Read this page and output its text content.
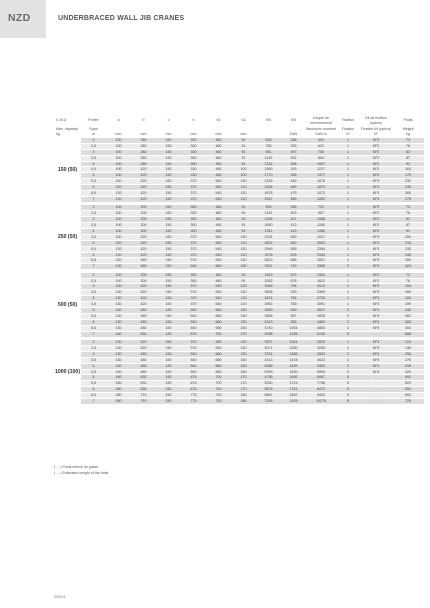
NZD	UNDERBRACED WALL JIB CRANES
C.M.U	Portée	a	b	c	h	h1	h2	KN	KN	Couple de renversement	Fixation	Kit de fixation (option)	Poids
Max. capacity	Span									Maximum moment	Fixation	Fixation kit (option)	Weight
kg	m	mm	mm	mm	mm	mm	mm		DaN	DaN.m	N°	N°	kg
150 (50)	2	100	280	150	300	460	91	616	288	491	1	KF2	73
	2,5	100	280	150	300	460	91	785	293	621	1	KF2	76
	3	100	280	150	300	460	91	951	297	750	1	KF2	82
	3,5	100	280	150	300	460	91	1143	302	894	1	KF2	87
	4	100	280	150	300	460	91	1332	306	1037	1	KF2	91
	4,5	100	420	150	330	460	100	1569	318	1217	1	KF2	163
	5	100	420	150	330	460	100	1770	306	1377	1	KF2	170
	5,5	120	420	150	370	540	120	2153	445	1675	1	KF3	230
	6	120	420	150	370	540	120	2408	469	1873	1	KF3	245
	6,5	120	420	150	370	540	120	2675	475	2072	1	KF3	260
	7	120	420	150	370	540	120	2947	489	2282	1	KF3	275

250 (50)	2	100	300	150	300	460	91	905	396	722	1	KF2	73
	2,5	100	300	150	300	460	91	1142	403	907	1	KF2	76
	3	100	300	150	300	460	91	1395	407	1088	1	KF2	82
	3,5	100	300	150	300	460	91	1650	412	1280	1	KF2	87
	4	100	300	150	300	460	91	1911	416	1480	1	KF2	91
	4,5	100	420	150	370	540	120	2224	525	1917	1	KF3	200
	5	120	420	150	370	540	120	2632	549	2052	1	KF3	215
	5,5	120	420	150	370	540	120	2949	555	2284	1	KF3	230
	6	120	420	150	370	540	120	3276	578	2544	1	KF3	245
	6,5	120	480	150	370	540	120	3613	585	2801	1	KF3	260
	7	130	480	150	540	660	150	3211	749	3365	2	KF4	424

500 (50)	2	100	300	150	300	460	91	1629	673	1300	1	KF2	73
	2,5	100	300	150	300	460	91	2052	678	1622	1	KF2	76
	3	130	420	150	370	540	120	2546	794	2013	1	KF3	154
	3,5	130	420	150	370	540	120	3005	769	2369	1	KF3	169
	4	130	420	150	370	540	120	3474	784	2729	1	KF3	184
	4,5	130	420	150	370	540	120	3952	789	3091	1	KF3	199
	5	130	480	150	540	660	150	3490	949	3517	2	KF4	340
	5,5	130	480	150	540	660	150	3896	957	4026	2	KF4	362
	6	130	480	150	540	660	150	4313	953	4460	2	KF4	383
	6,5	130	480	150	540	660	150	4740	1004	4863	2	KF4	404
	7	180	630	150	675	700	170	2998	1236	5745	5	-	666

1000 (100)	2	130	420	150	370	540	120	3237	1324	2620	1	KF3	124
	2,5	130	420	150	370	540	120	4071	1330	3255	1	KF3	139
	3	130	480	150	540	660	150	3751	1456	3953	2	KF4	256
	3,5	130	480	150	540	660	150	4413	1478	4623	2	KF4	278
	4	130	480	150	540	660	150	5085	1499	5303	2	KF4	299
	4,5	130	480	150	540	660	150	5769	1520	5994	2	KF4	320
	5	180	630	150	675	700	170	4795	1692	6087	5	-	492
	5,5	180	630	150	675	700	170	5330	1723	7766	5	-	523
	6	180	630	150	675	700	170	5879	1751	8473	5	-	554
	6,5	180	710	150	775	720	180	6567	1892	9443	5	-	692
	7	180	710	150	775	720	180	7155	1925	10275	5	-	725
( ... ) Poids enlevé du palan.
( ... ) Estimated weight of the hoist
S002/4
